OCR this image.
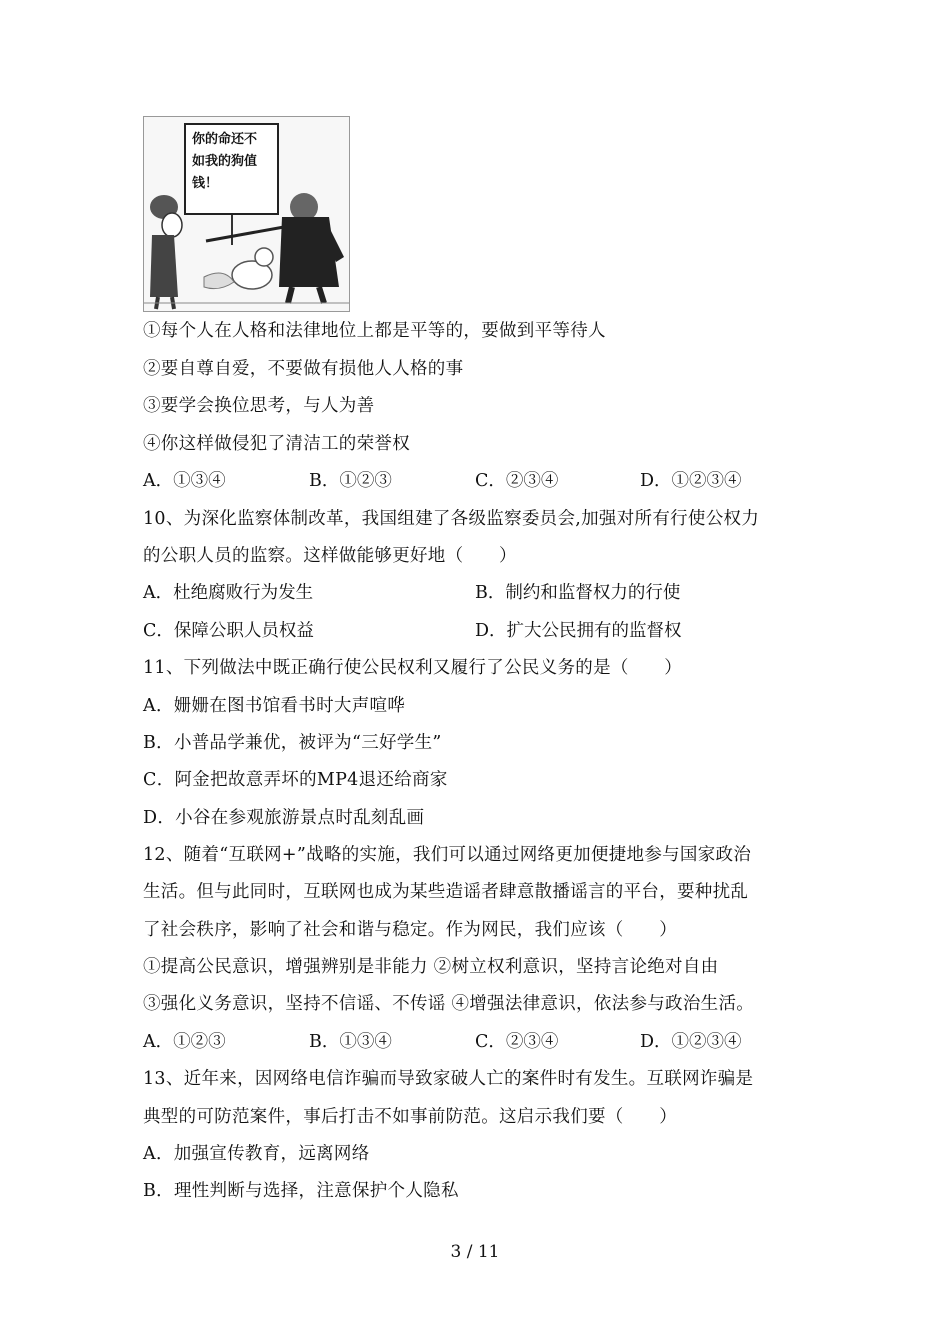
你的命还不
如我的狗值
钱！
①每个人在人格和法律地位上都是平等的，要做到平等待人
②要自尊自爱，不要做有损他人人格的事
③要学会换位思考，与人为善
④你这样做侵犯了清洁工的荣誉权
A．①③④	B．①②③	C．②③④	D．①②③④
10、为深化监察体制改革，我国组建了各级监察委员会,加强对所有行使公权力
的公职人员的监察。这样做能够更好地（　　）
A．杜绝腐败行为发生	B．制约和监督权力的行使
C．保障公职人员权益	D．扩大公民拥有的监督权
11、下列做法中既正确行使公民权利又履行了公民义务的是（　　）
A．姗姗在图书馆看书时大声喧哗
B．小普品学兼优，被评为“三好学生”
C．阿金把故意弄坏的MP4退还给商家
D．小谷在参观旅游景点时乱刻乱画
12、随着“互联网+”战略的实施，我们可以通过网络更加便捷地参与国家政治
生活。但与此同时，互联网也成为某些造谣者肆意散播谣言的平台，要种扰乱
了社会秩序，影响了社会和谐与稳定。作为网民，我们应该（　　）
①提高公民意识，增强辨别是非能力 ②树立权利意识，坚持言论绝对自由
③强化义务意识，坚持不信谣、不传谣 ④增强法律意识，依法参与政治生活。
A．①②③	B．①③④	C．②③④	D．①②③④
13、近年来，因网络电信诈骗而导致家破人亡的案件时有发生。互联网诈骗是
典型的可防范案件，事后打击不如事前防范。这启示我们要（　　）
A．加强宣传教育，远离网络
B．理性判断与选择，注意保护个人隐私
3 / 11
